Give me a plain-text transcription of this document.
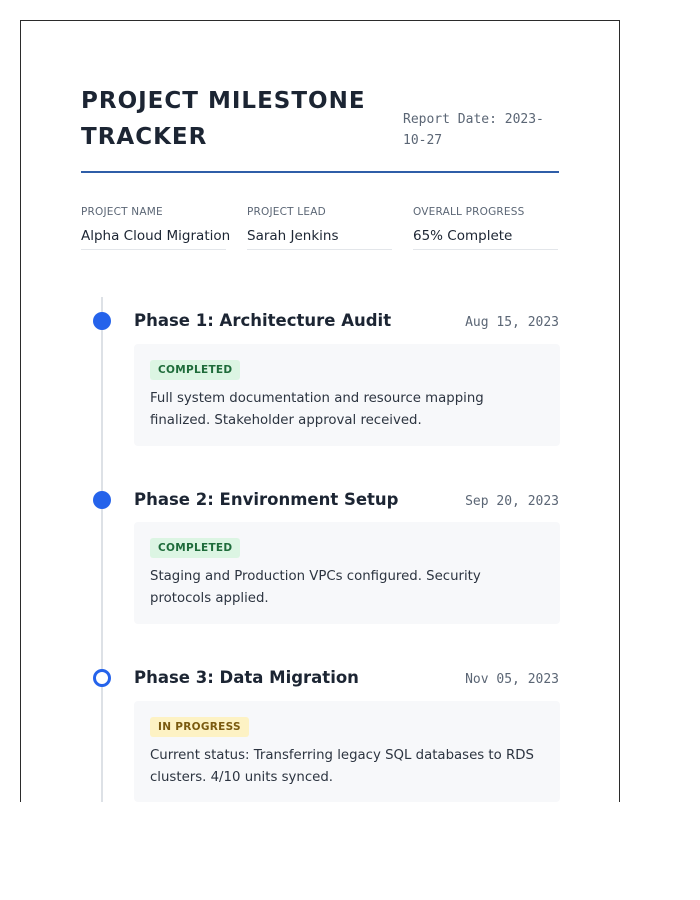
PROJECT MILESTONE TRACKER
Report Date: 2023-10-27
PROJECT NAME
Alpha Cloud Migration
PROJECT LEAD
Sarah Jenkins
OVERALL PROGRESS
65% Complete
Phase 1: Architecture Audit	Aug 15, 2023
COMPLETED
Full system documentation and resource mapping finalized. Stakeholder approval received.
Phase 2: Environment Setup	Sep 20, 2023
COMPLETED
Staging and Production VPCs configured. Security protocols applied.
Phase 3: Data Migration	Nov 05, 2023
IN PROGRESS
Current status: Transferring legacy SQL databases to RDS clusters. 4/10 units synced.
